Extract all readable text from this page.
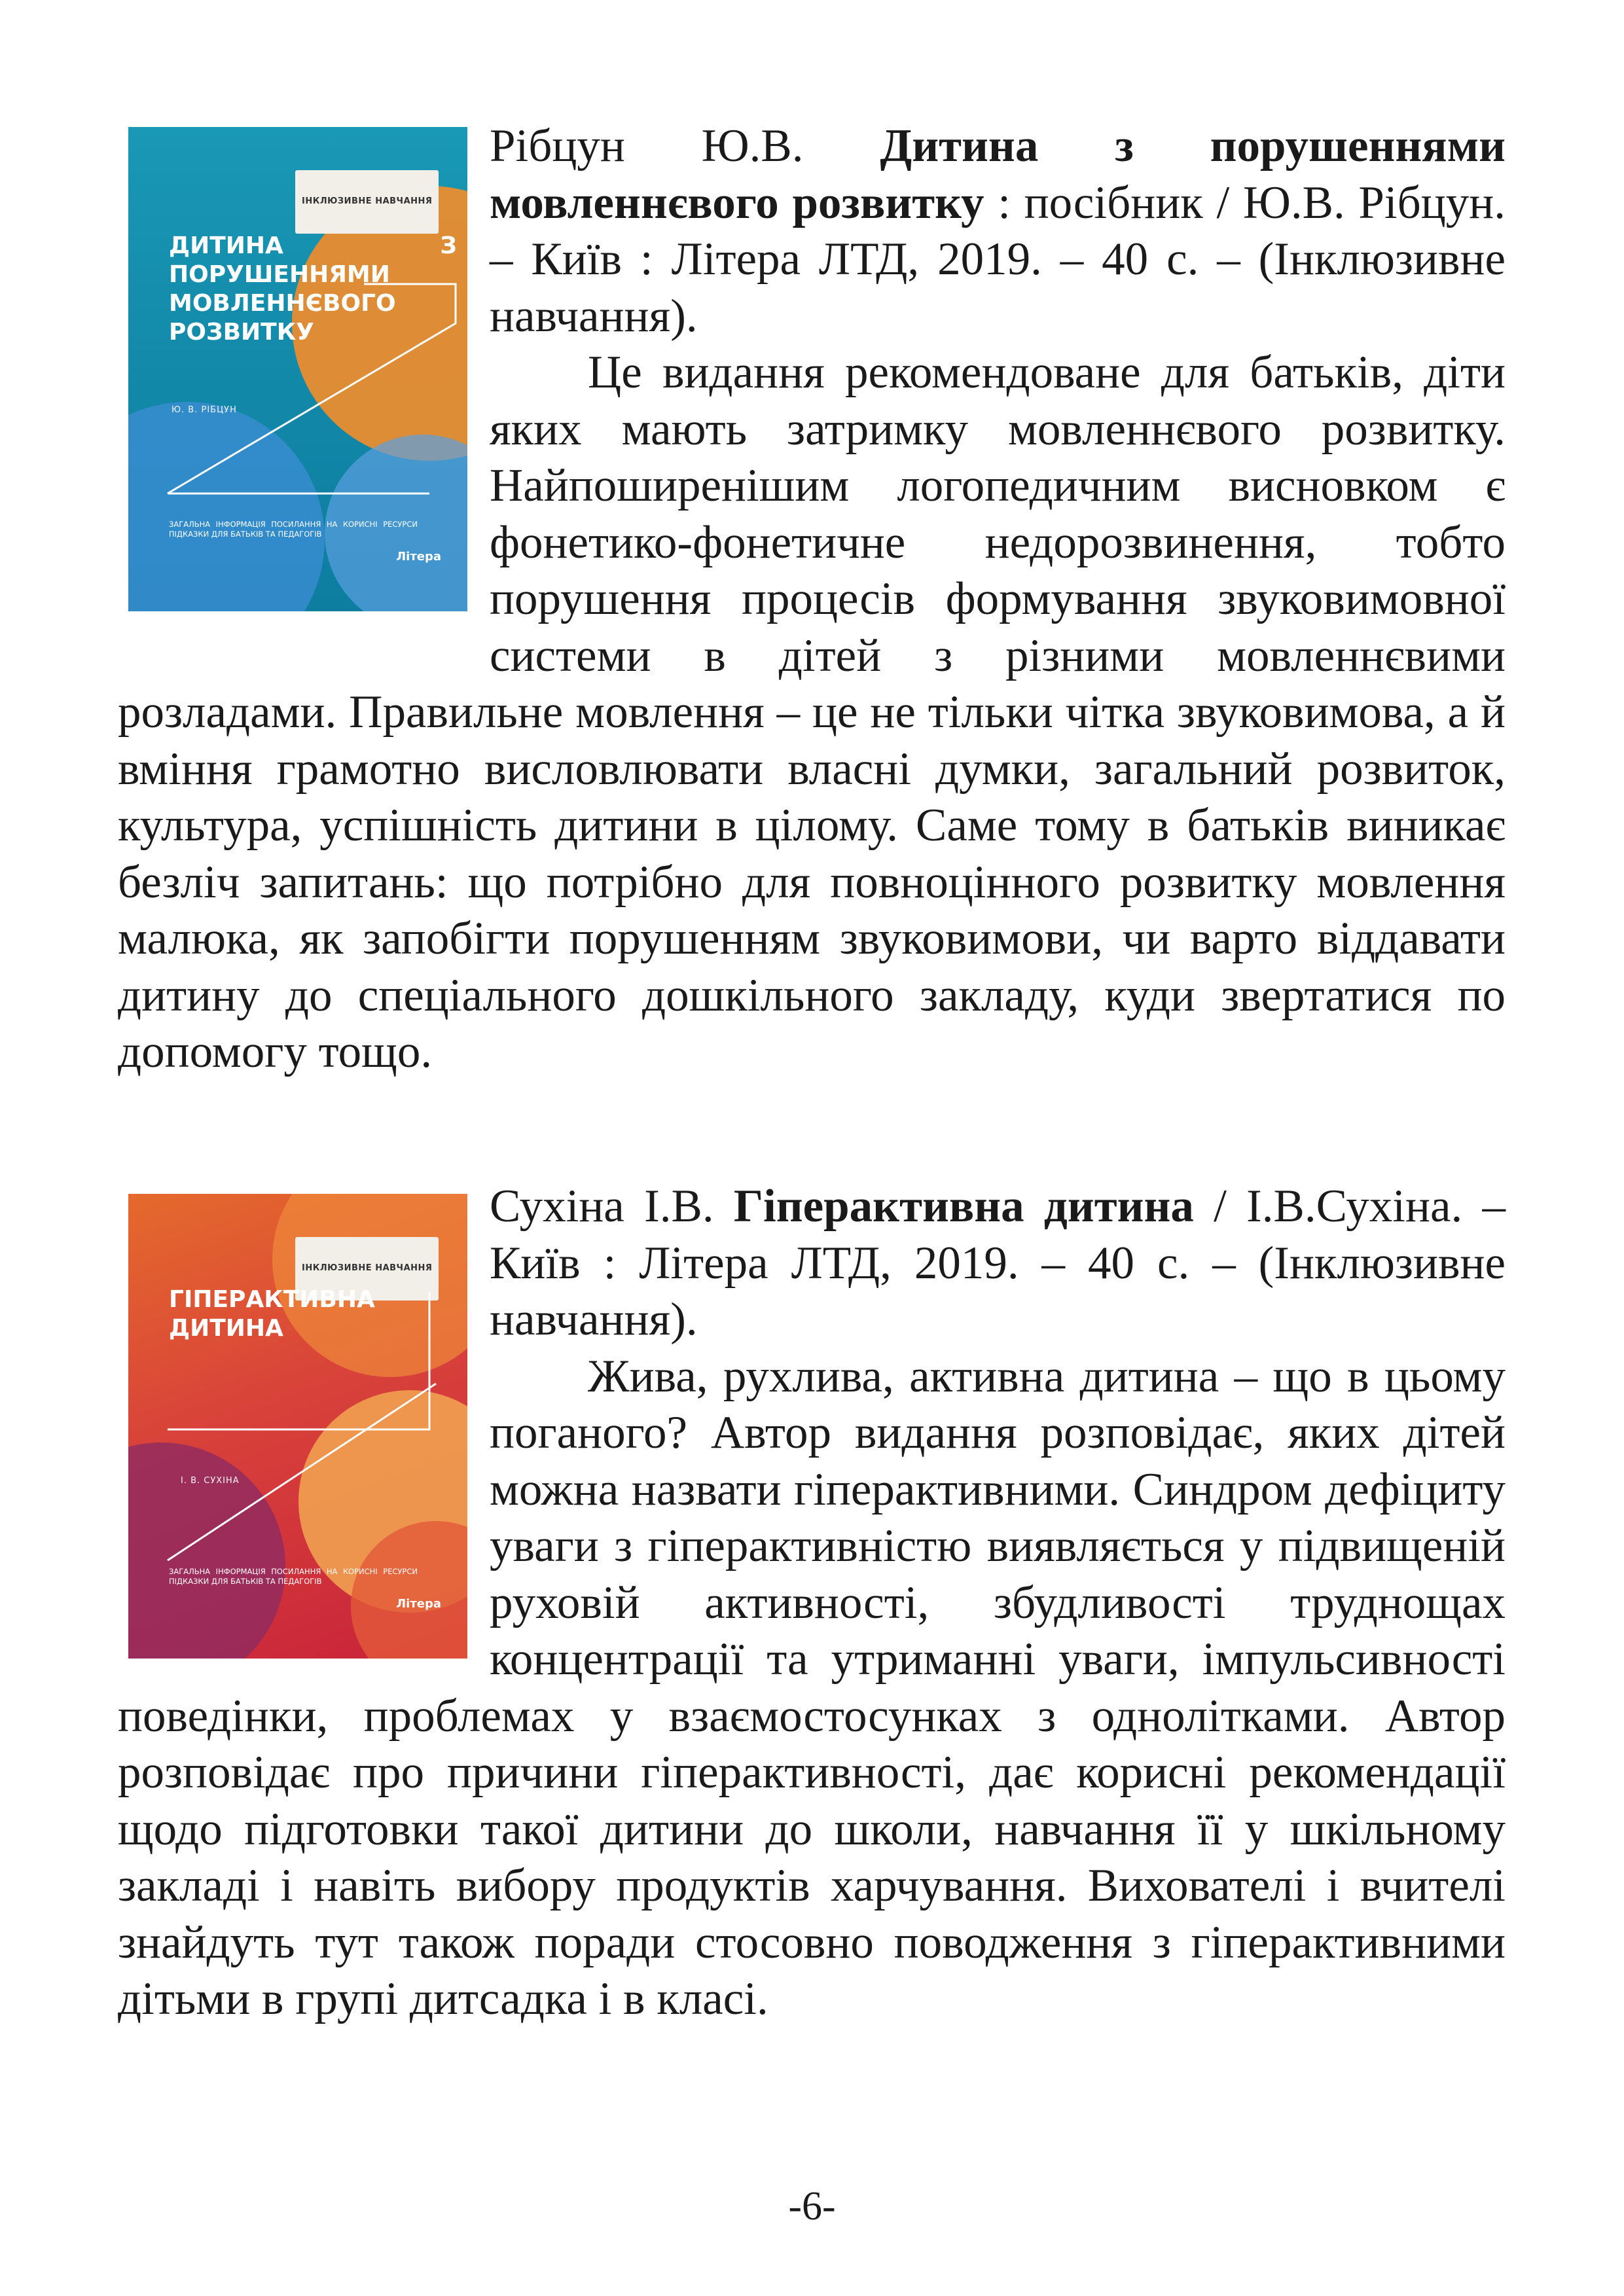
ІНКЛЮЗИВНЕ НАВЧАННЯ
ДИТИНА З ПОРУШЕННЯМИ МОВЛЕННЄВОГО РОЗВИТКУ
Ю. В. РІБЦУН
ЗАГАЛЬНА ІНФОРМАЦІЯ ПОСИЛАННЯ НА КОРИСНІ РЕСУРСИ ПІДКАЗКИ ДЛЯ БАТЬКІВ ТА ПЕДАГОГІВ
Літера

Рібцун Ю.В. Дитина з порушеннями мовленнєвого розвитку : посібник / Ю.В. Рібцун. – Київ : Літера ЛТД, 2019. – 40 с. – (Інклюзивне навчання).

Це видання рекомендоване для батьків, діти яких мають затримку мовленнєвого розвитку. Найпоширенішим логопедичним висновком є фонетико-фонетичне недорозвинення, тобто порушення процесів формування звуковимовної системи в дітей з різними мовленнєвими розладами. Правильне мовлення – це не тільки чітка звуковимова, а й вміння грамотно висловлювати власні думки, загальний розвиток, культура, успішність дитини в цілому. Саме тому в батьків виникає безліч запитань: що потрібно для повноцінного розвитку мовлення малюка, як запобігти порушенням звуковимови, чи варто віддавати дитину до спеціального дошкільного закладу, куди звертатися по допомогу тощо.

ІНКЛЮЗИВНЕ НАВЧАННЯ
ГІПЕРАКТИВНА ДИТИНА
І. В. СУХІНА
ЗАГАЛЬНА ІНФОРМАЦІЯ ПОСИЛАННЯ НА КОРИСНІ РЕСУРСИ ПІДКАЗКИ ДЛЯ БАТЬКІВ ТА ПЕДАГОГІВ
Літера

Сухіна І.В. Гіперактивна дитина / І.В.Сухіна. – Київ : Літера ЛТД, 2019. – 40 с. – (Інклюзивне навчання).

Жива, рухлива, активна дитина – що в цьому поганого? Автор видання розповідає, яких дітей можна назвати гіперактивними. Синдром дефіциту уваги з гіперактивністю виявляється у підвищеній руховій активності, збудливості труднощах концентрації та утриманні уваги, імпульсивності поведінки, проблемах у взаємостосунках з однолітками. Автор розповідає про причини гіперактивності, дає корисні рекомендації щодо підготовки такої дитини до школи, навчання її у шкільному закладі і навіть вибору продуктів харчування. Вихователі і вчителі знайдуть тут також поради стосовно поводження з гіперактивними дітьми в групі дитсадка і в класі.

-6-
